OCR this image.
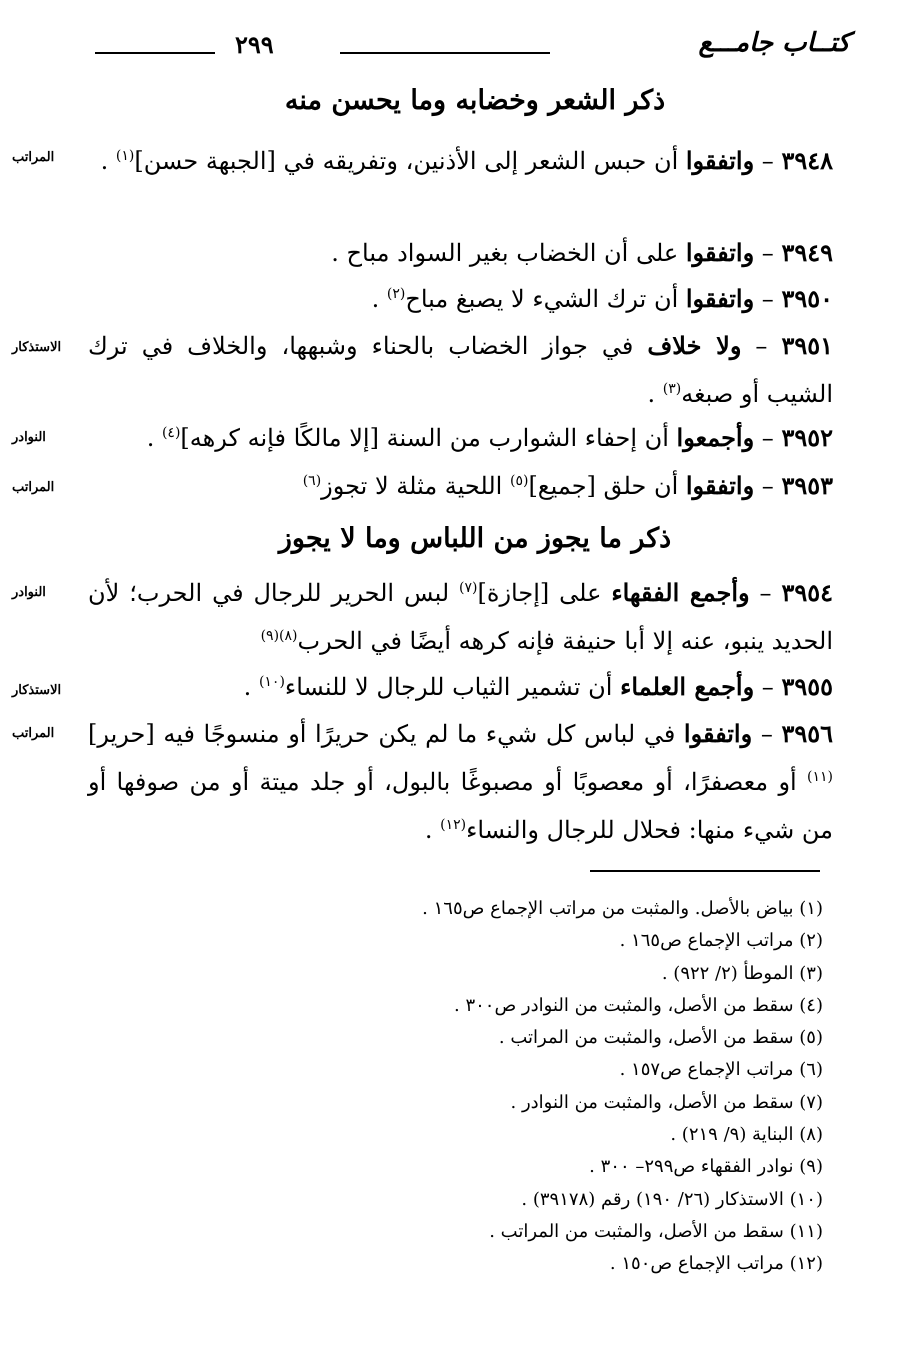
كتــاب جامـــع
٢٩٩
ذكر الشعر وخضابه وما يحسن منه
٣٩٤٨ – واتفقوا أن حبس الشعر إلى الأذنين، وتفريقه في [الجبهة حسن]$^{(١)}$ .
المراتب
٣٩٤٩ – واتفقوا على أن الخضاب بغير السواد مباح .
٣٩٥٠ – واتفقوا أن ترك الشيء لا يصبغ مباح$^{(٢)}$ .
٣٩٥١ – ولا خلاف في جواز الخضاب بالحناء وشبهها، والخلاف في ترك الشيب أو صبغه$^{(٣)}$ .
الاستذكار
٣٩٥٢ – وأجمعوا أن إحفاء الشوارب من السنة [إلا مالكًا فإنه كرهه]$^{(٤)}$ .
النوادر
٣٩٥٣ – واتفقوا أن حلق [جميع]$^{(٥)}$ اللحية مثلة لا تجوز$^{(٦)}$
المراتب
ذكر ما يجوز من اللباس وما لا يجوز
٣٩٥٤ – وأجمع الفقهاء على [إجازة]$^{(٧)}$ لبس الحرير للرجال في الحرب؛ لأن الحديد ينبو، عنه إلا أبا حنيفة فإنه كرهه أيضًا في الحرب$^{(٨)(٩)}$
النوادر
٣٩٥٥ – وأجمع العلماء أن تشمير الثياب للرجال لا للنساء$^{(١٠)}$ .
الاستذكار
٣٩٥٦ – واتفقوا في لباس كل شيء ما لم يكن حريرًا أو منسوجًا فيه [حرير]$^{(١١)}$ أو معصفرًا، أو معصوبًا أو مصبوغًا بالبول، أو جلد ميتة أو من صوفها أو من شيء منها: فحلال للرجال والنساء$^{(١٢)}$ .
المراتب
(١) بياض بالأصل. والمثبت من مراتب الإجماع ص١٦٥ .
(٢) مراتب الإجماع ص١٦٥ .
(٣) الموطأ (٢/ ٩٢٢) .
(٤) سقط من الأصل، والمثبت من النوادر ص٣٠٠ .
(٥) سقط من الأصل، والمثبت من المراتب .
(٦) مراتب الإجماع ص١٥٧ .
(٧) سقط من الأصل، والمثبت من النوادر .
(٨) البناية (٩/ ٢١٩) .
(٩) نوادر الفقهاء ص٢٩٩– ٣٠٠ .
(١٠) الاستذكار (٢٦/ ١٩٠) رقم (٣٩١٧٨) .
(١١) سقط من الأصل، والمثبت من المراتب .
(١٢) مراتب الإجماع ص١٥٠ .
